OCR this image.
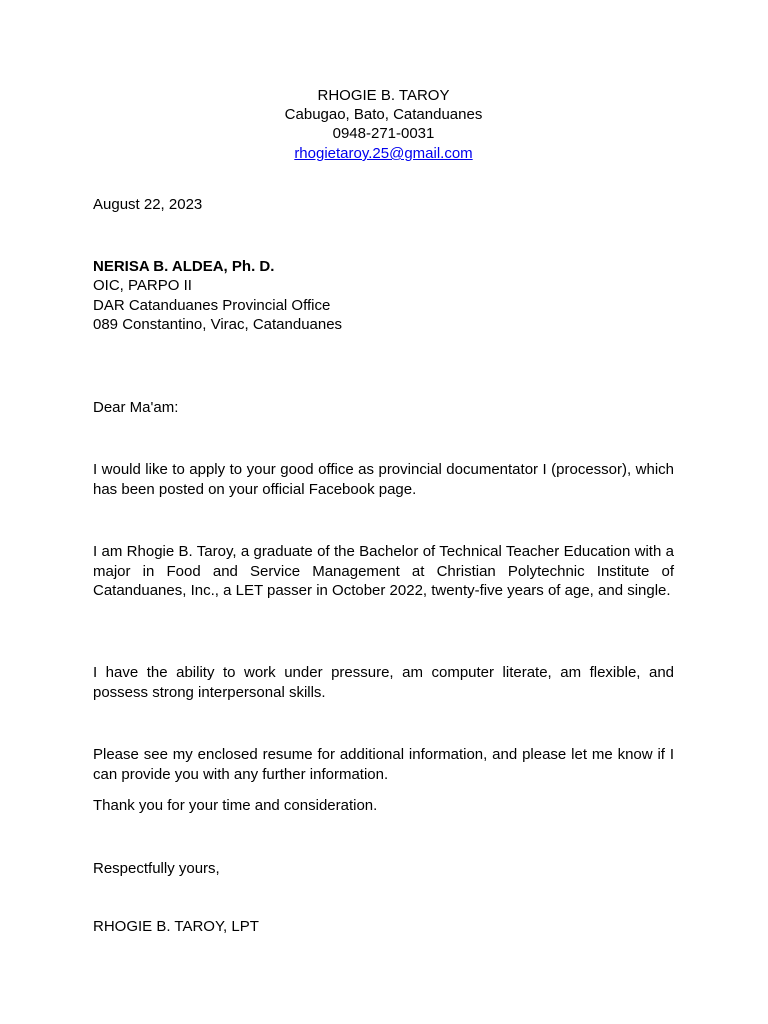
RHOGIE B. TAROY
Cabugao, Bato, Catanduanes
0948-271-0031
rhogietaroy.25@gmail.com
August 22, 2023
NERISA B. ALDEA, Ph. D.
OIC, PARPO II
DAR Catanduanes Provincial Office
089 Constantino, Virac, Catanduanes
Dear Ma'am:
I would like to apply to your good office as provincial documentator I (processor), which has been posted on your official Facebook page.
I am Rhogie B. Taroy, a graduate of the Bachelor of Technical Teacher Education with a major in Food and Service Management at Christian Polytechnic Institute of Catanduanes, Inc., a LET passer in October 2022, twenty-five years of age, and single.
I have the ability to work under pressure, am computer literate, am flexible, and possess strong interpersonal skills.
Please see my enclosed resume for additional information, and please let me know if I can provide you with any further information.
Thank you for your time and consideration.
Respectfully yours,
RHOGIE B. TAROY, LPT
